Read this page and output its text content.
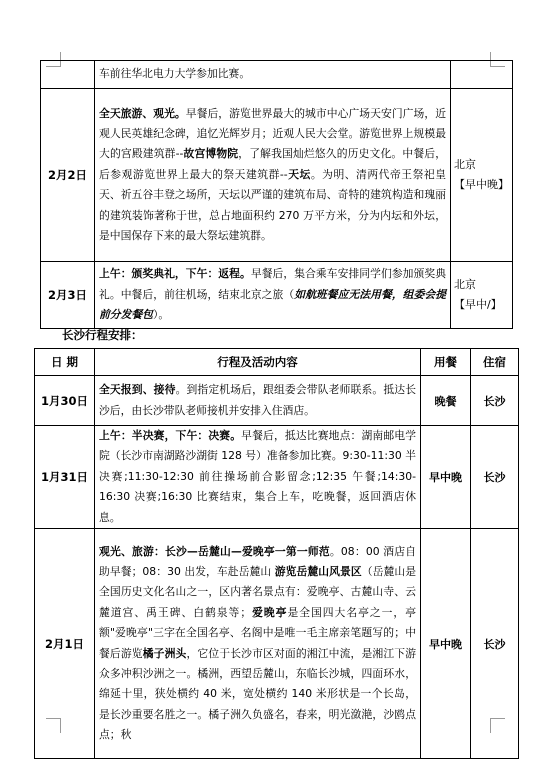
	车前往华北电力大学参加比赛。	
2月2日	全天旅游、观光。早餐后，游览世界最大的城市中心广场天安门广场，近观人民英雄纪念碑，追忆光辉岁月；近观人民大会堂。游览世界上规模最大的宫殿建筑群--故宫博物院，了解我国灿烂悠久的历史文化。中餐后，后参观游览世界上最大的祭天建筑群--天坛。为明、清两代帝王祭祀皇天、祈五谷丰登之场所，天坛以严谨的建筑布局、奇特的建筑构造和瑰丽的建筑装饰著称于世，总占地面积约 270 万平方米，分为内坛和外坛，是中国保存下来的最大祭坛建筑群。	北京
【早中晚】

2月3日	上午：颁奖典礼，下午：返程。早餐后，集合乘车安排同学们参加颁奖典礼。中餐后，前往机场，结束北京之旅（如航班餐应无法用餐，组委会提前分发餐包）。	北京
【早中/】
长沙行程安排：
日 期	行程及活动内容	用餐	住宿
1月30日	全天报到、接待。到指定机场后，跟组委会带队老师联系。抵达长沙后，由长沙带队老师接机并安排入住酒店。	晚餐	长沙
1月31日	上午：半决赛，下午：决赛。早餐后，抵达比赛地点：湖南邮电学院（长沙市南湖路沙湖街 128 号）准备参加比赛。9:30-11:30 半决赛;11:30-12:30 前往操场前合影留念;12:35 午餐;14:30-16:30 决赛;16:30 比赛结束，集合上车，吃晚餐，返回酒店休息。	早中晚	长沙
2月1日	观光、旅游：长沙—岳麓山—爱晚亭一第一师范。08：00 酒店自助早餐；08：30 出发，车赴岳麓山 游览岳麓山风景区（岳麓山是全国历史文化名山之一，区内著名景点有：爱晚亭、古麓山寺、云麓道宫、禹王碑、白鹤泉等；爱晚亭是全国四大名亭之一，亭额"爱晚亭"三字在全国名亭、名阁中是唯一毛主席亲笔题写的；中餐后游览橘子洲头，它位于长沙市区对面的湘江中流，是湘江下游众多冲积沙洲之一。橘洲，西望岳麓山，东临长沙城，四面环水，绵延十里，狭处横约 40 米，宽处横约 140 米形状是一个长岛，是长沙重要名胜之一。橘子洲久负盛名，春来，明光潋滟，沙鸥点点；秋	早中晚	长沙
